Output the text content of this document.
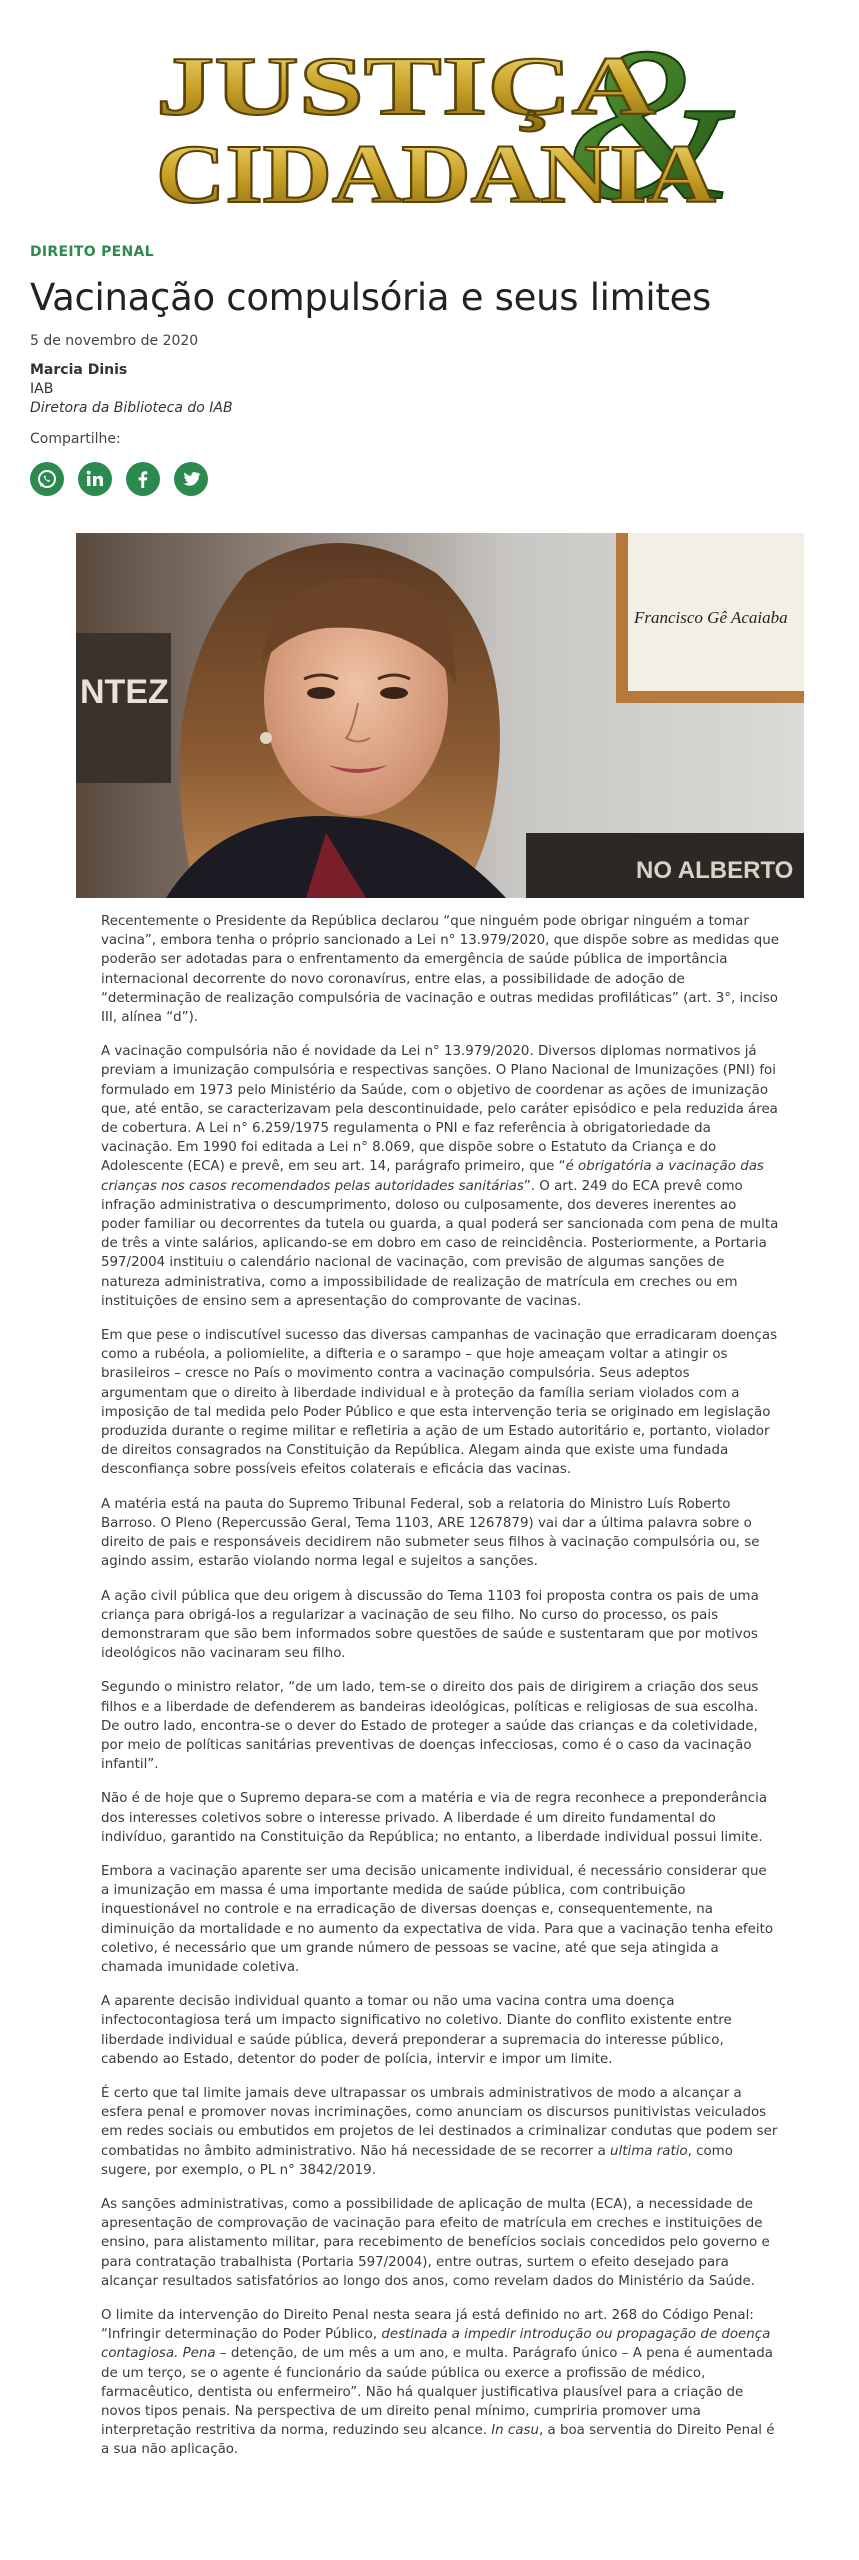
&
JUSTIÇA
CIDADANIA
DIREITO PENAL
Vacinação compulsória e seus limites
5 de novembro de 2020
Marcia Dinis
IAB
Diretora da Biblioteca do IAB
Compartilhe:
NTEZ
Francisco Gê Acaiaba
NO ALBERTO

Recentemente o Presidente da República declarou “que ninguém pode obrigar ninguém a tomar vacina”, embora tenha o próprio sancionado a Lei n° 13.979/2020, que dispõe sobre as medidas que poderão ser adotadas para o enfrentamento da emergência de saúde pública de importância internacional decorrente do novo coronavírus, entre elas, a possibilidade de adoção de “determinação de realização compulsória de vacinação e outras medidas profiláticas” (art. 3°, inciso III, alínea “d”).

A vacinação compulsória não é novidade da Lei n° 13.979/2020. Diversos diplomas normativos já previam a imunização compulsória e respectivas sanções. O Plano Nacional de Imunizações (PNI) foi formulado em 1973 pelo Ministério da Saúde, com o objetivo de coordenar as ações de imunização que, até então, se caracterizavam pela descontinuidade, pelo caráter episódico e pela reduzida área de cobertura. A Lei n° 6.259/1975 regulamenta o PNI e faz referência à obrigatoriedade da vacinação. Em 1990 foi editada a Lei n° 8.069, que dispõe sobre o Estatuto da Criança e do Adolescente (ECA) e prevê, em seu art. 14, parágrafo primeiro, que “é obrigatória a vacinação das crianças nos casos recomendados pelas autoridades sanitárias”. O art. 249 do ECA prevê como infração administrativa o descumprimento, doloso ou culposamente, dos deveres inerentes ao poder familiar ou decorrentes da tutela ou guarda, a qual poderá ser sancionada com pena de multa de três a vinte salários, aplicando-se em dobro em caso de reincidência. Posteriormente, a Portaria 597/2004 instituiu o calendário nacional de vacinação, com previsão de algumas sanções de natureza administrativa, como a impossibilidade de realização de matrícula em creches ou em instituições de ensino sem a apresentação do comprovante de vacinas.

Em que pese o indiscutível sucesso das diversas campanhas de vacinação que erradicaram doenças como a rubéola, a poliomielite, a difteria e o sarampo – que hoje ameaçam voltar a atingir os brasileiros – cresce no País o movimento contra a vacinação compulsória. Seus adeptos argumentam que o direito à liberdade individual e à proteção da família seriam violados com a imposição de tal medida pelo Poder Público e que esta intervenção teria se originado em legislação produzida durante o regime militar e refletiria a ação de um Estado autoritário e, portanto, violador de direitos consagrados na Constituição da República. Alegam ainda que existe uma fundada desconfiança sobre possíveis efeitos colaterais e eficácia das vacinas.

A matéria está na pauta do Supremo Tribunal Federal, sob a relatoria do Ministro Luís Roberto Barroso. O Pleno (Repercussão Geral, Tema 1103, ARE 1267879) vai dar a última palavra sobre o direito de pais e responsáveis decidirem não submeter seus filhos à vacinação compulsória ou, se agindo assim, estarão violando norma legal e sujeitos a sanções.

A ação civil pública que deu origem à discussão do Tema 1103 foi proposta contra os pais de uma criança para obrigá-los a regularizar a vacinação de seu filho. No curso do processo, os pais demonstraram que são bem informados sobre questões de saúde e sustentaram que por motivos ideológicos não vacinaram seu filho.

Segundo o ministro relator, “de um lado, tem-se o direito dos pais de dirigirem a criação dos seus filhos e a liberdade de defenderem as bandeiras ideológicas, políticas e religiosas de sua escolha. De outro lado, encontra-se o dever do Estado de proteger a saúde das crianças e da coletividade, por meio de políticas sanitárias preventivas de doenças infecciosas, como é o caso da vacinação infantil”.

Não é de hoje que o Supremo depara-se com a matéria e via de regra reconhece a preponderância dos interesses coletivos sobre o interesse privado. A liberdade é um direito fundamental do indivíduo, garantido na Constituição da República; no entanto, a liberdade individual possui limite.

Embora a vacinação aparente ser uma decisão unicamente individual, é necessário considerar que a imunização em massa é uma importante medida de saúde pública, com contribuição inquestionável no controle e na erradicação de diversas doenças e, consequentemente, na diminuição da mortalidade e no aumento da expectativa de vida. Para que a vacinação tenha efeito coletivo, é necessário que um grande número de pessoas se vacine, até que seja atingida a chamada imunidade coletiva.

A aparente decisão individual quanto a tomar ou não uma vacina contra uma doença infectocontagiosa terá um impacto significativo no coletivo. Diante do conflito existente entre liberdade individual e saúde pública, deverá preponderar a supremacia do interesse público, cabendo ao Estado, detentor do poder de polícia, intervir e impor um limite.

É certo que tal limite jamais deve ultrapassar os umbrais administrativos de modo a alcançar a esfera penal e promover novas incriminações, como anunciam os discursos punitivistas veiculados em redes sociais ou embutidos em projetos de lei destinados a criminalizar condutas que podem ser combatidas no âmbito administrativo. Não há necessidade de se recorrer a ultima ratio, como sugere, por exemplo, o PL n° 3842/2019.

As sanções administrativas, como a possibilidade de aplicação de multa (ECA), a necessidade de apresentação de comprovação de vacinação para efeito de matrícula em creches e instituições de ensino, para alistamento militar, para recebimento de benefícios sociais concedidos pelo governo e para contratação trabalhista (Portaria 597/2004), entre outras, surtem o efeito desejado para alcançar resultados satisfatórios ao longo dos anos, como revelam dados do Ministério da Saúde.

O limite da intervenção do Direito Penal nesta seara já está definido no art. 268 do Código Penal: “Infringir determinação do Poder Público, destinada a impedir introdução ou propagação de doença contagiosa. Pena – detenção, de um mês a um ano, e multa. Parágrafo único – A pena é aumentada de um terço, se o agente é funcionário da saúde pública ou exerce a profissão de médico, farmacêutico, dentista ou enfermeiro”. Não há qualquer justificativa plausível para a criação de novos tipos penais. Na perspectiva de um direito penal mínimo, cumpriria promover uma interpretação restritiva da norma, reduzindo seu alcance. In casu, a boa serventia do Direito Penal é a sua não aplicação.
